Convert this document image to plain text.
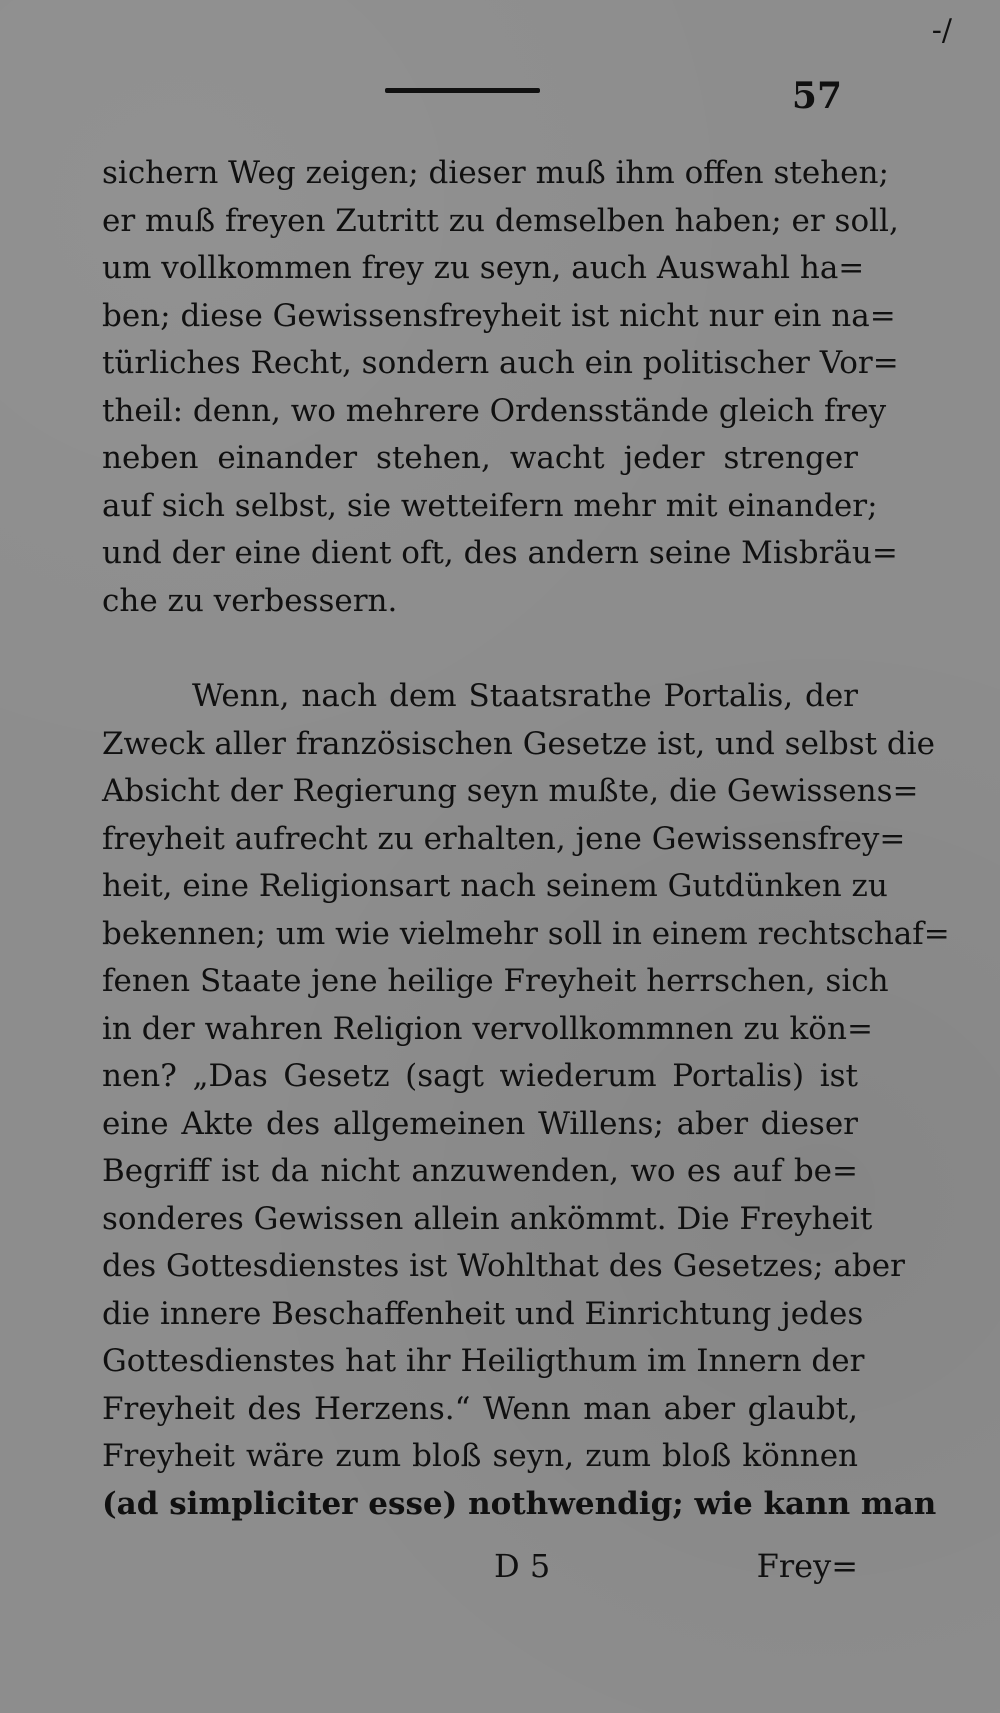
-/
57
sichern Weg zeigen; dieser muß ihm offen stehen;
er muß freyen Zutritt zu demselben haben; er soll,
um vollkommen frey zu seyn, auch Auswahl ha=
ben; diese Gewissensfreyheit ist nicht nur ein na=
türliches Recht, sondern auch ein politischer Vor=
theil: denn, wo mehrere Ordensstände gleich frey
neben einander stehen, wacht jeder strenger
auf sich selbst, sie wetteifern mehr mit einander;
und der eine dient oft, des andern seine Misbräu=
che zu verbessern.
Wenn, nach dem Staatsrathe Portalis, der
Zweck aller französischen Gesetze ist, und selbst die
Absicht der Regierung seyn mußte, die Gewissens=
freyheit aufrecht zu erhalten, jene Gewissensfrey=
heit, eine Religionsart nach seinem Gutdünken zu
bekennen; um wie vielmehr soll in einem rechtschaf=
fenen Staate jene heilige Freyheit herrschen, sich
in der wahren Religion vervollkommnen zu kön=
nen? „Das Gesetz (sagt wiederum Portalis) ist
eine Akte des allgemeinen Willens; aber dieser
Begriff ist da nicht anzuwenden, wo es auf be=
sonderes Gewissen allein ankömmt. Die Freyheit
des Gottesdienstes ist Wohlthat des Gesetzes; aber
die innere Beschaffenheit und Einrichtung jedes
Gottesdienstes hat ihr Heiligthum im Innern der
Freyheit des Herzens.“ Wenn man aber glaubt,
Freyheit wäre zum bloß seyn, zum bloß können
(ad simpliciter esse) nothwendig; wie kann man
D 5	Frey=
